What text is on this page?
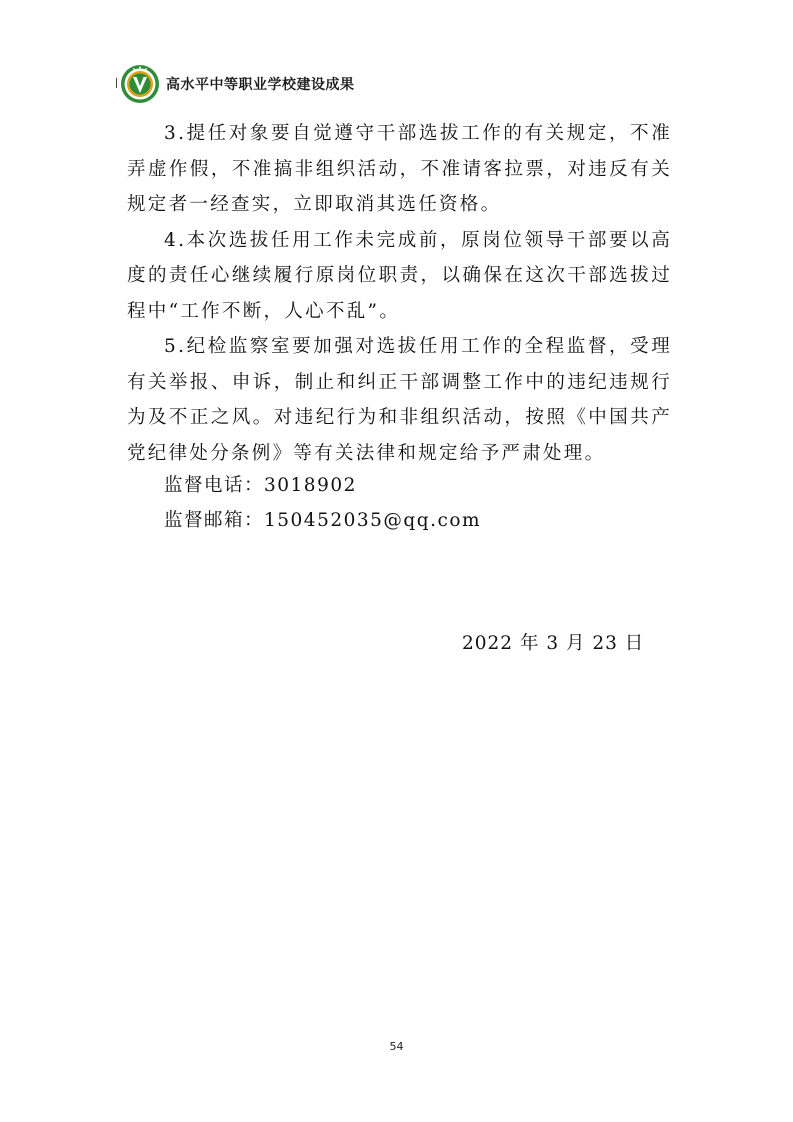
高水平中等职业学校建设成果

3.提任对象要自觉遵守干部选拔工作的有关规定，不准弄虚作假，不准搞非组织活动，不准请客拉票，对违反有关规定者一经查实，立即取消其选任资格。

4.本次选拔任用工作未完成前，原岗位领导干部要以高度的责任心继续履行原岗位职责，以确保在这次干部选拔过程中“工作不断，人心不乱”。

5.纪检监察室要加强对选拔任用工作的全程监督，受理有关举报、申诉，制止和纠正干部调整工作中的违纪违规行为及不正之风。对违纪行为和非组织活动，按照《中国共产党纪律处分条例》等有关法律和规定给予严肃处理。

监督电话：3018902
监督邮箱：150452035@qq.com
2022 年 3 月 23 日
54
